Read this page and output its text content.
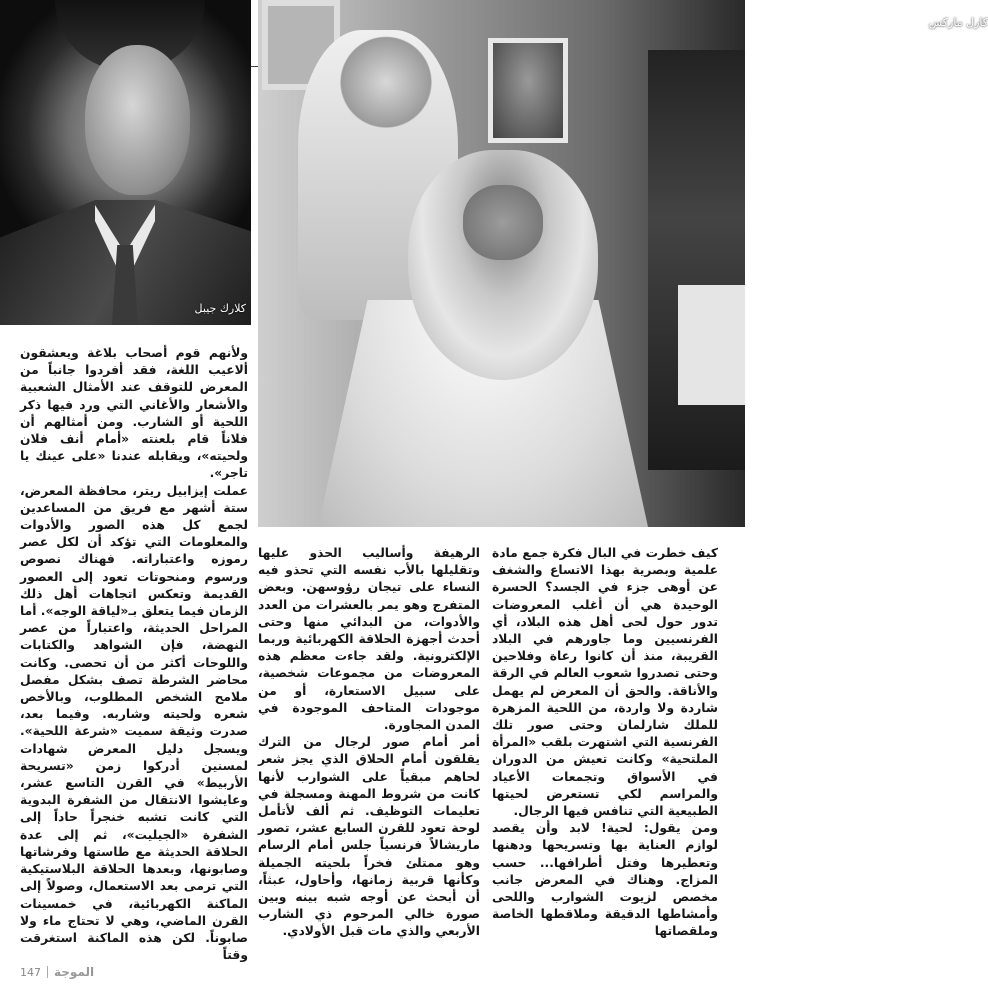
كلارك جيبل
كارل ماركس

ولأنهم قوم أصحاب بلاغة ويعشقون ألاعيب اللغة، فقد أفردوا جانباً من المعرض للتوقف عند الأمثال الشعبية والأشعار والأغاني التي ورد فيها ذكر اللحية أو الشارب. ومن أمثالهم أن فلاناً قام بلعنته «أمام أنف فلان ولحيته»، ويقابله عندنا «على عينك يا تاجر».

عملت إيزابيل ريتر، محافظة المعرض، ستة أشهر مع فريق من المساعدين لجمع كل هذه الصور والأدوات والمعلومات التي تؤكد أن لكل عصر رموزه واعتباراته. فهناك نصوص ورسوم ومنحوتات تعود إلى العصور القديمة وتعكس اتجاهات أهل ذلك الزمان فيما يتعلق بـ«لياقة الوجه». أما المراحل الحديثة، واعتباراً من عصر النهضة، فإن الشواهد والكتابات واللوحات أكثر من أن تحصى. وكانت محاضر الشرطة تصف بشكل مفصل ملامح الشخص المطلوب، وبالأخص شعره ولحيته وشاربه. وفيما بعد، صدرت وثيقة سميت «شرعة اللحية». ويسجل دليل المعرض شهادات لمسنين أدركوا زمن «تسريحة الأربيط» في القرن التاسع عشر، وعايشوا الانتقال من الشفرة البدوية التي كانت تشبه خنجراً حاداً إلى الشفرة «الجيليت»، ثم إلى عدة الحلاقة الحديثة مع طاستها وفرشاتها وصابونها، وبعدها الحلاقة البلاستيكية التي ترمى بعد الاستعمال، وصولاً إلى الماكنة الكهربائية، في خمسينات القرن الماضي، وهي لا تحتاج ماء ولا صابوناً. لكن هذه الماكنة استغرقت وقتاً

الرهيفة وأساليب الحذو عليها وتقليلها بالأب نفسه التي تحذو فيه النساء على تيجان رؤوسهن. وبعض المتفرج وهو يمر بالعشرات من العدد والأدوات، من البدائي منها وحتى أحدث أجهزة الحلاقة الكهربائية وربما الإلكترونية. ولقد جاءت معظم هذه المعروضات من مجموعات شخصية، على سبيل الاستعارة، أو من موجودات المتاحف الموجودة في المدن المجاورة.

أمر أمام صور لرجال من الترك يقلقون أمام الحلاق الذي يجز شعر لحاهم مبقياً على الشوارب لأنها كانت من شروط المهنة ومسجلة في تعليمات التوظيف. ثم ألف لأتأمل لوحة تعود للقرن السابع عشر، تصور ماريشالاً فرنسياً جلس أمام الرسام وهو ممتلئ فخراً بلحيته الجميلة وكأنها قربية زمانها، وأحاول، عبثاً، أن أبحث عن أوجه شبه بينه وبين صورة خالي المرحوم ذي الشارب الأربعي والذي مات قبل الأولادي.

كيف خطرت في البال فكرة جمع مادة علمية وبصرية بهذا الاتساع والشغف عن أوهى جزء في الجسد؟ الحسرة الوحيدة هي أن أغلب المعروضات تدور حول لحى أهل هذه البلاد، أي الفرنسيين وما جاورهم في البلاد القريبة، منذ أن كانوا رعاة وفلاحين وحتى تصدروا شعوب العالم في الرقة والأناقة. والحق أن المعرض لم يهمل شاردة ولا واردة، من اللحية المزهرة للملك شارلمان وحتى صور تلك الفرنسية التي اشتهرت بلقب «المرأة الملتحية» وكانت تعيش من الدوران في الأسواق وتجمعات الأعياد والمراسم لكي تستعرض لحيتها الطبيعية التي تنافس فيها الرجال.

ومن يقول: لحية! لابد وأن يقصد لوازم العناية بها وتسريحها ودهنها وتعطيرها وفتل أطرافها... حسب المزاج. وهناك في المعرض جانب مخصص لزيوت الشوارب واللحى وأمشاطها الدقيقة وملاقطها الخاصة وملقصاتها

147 الموجة
